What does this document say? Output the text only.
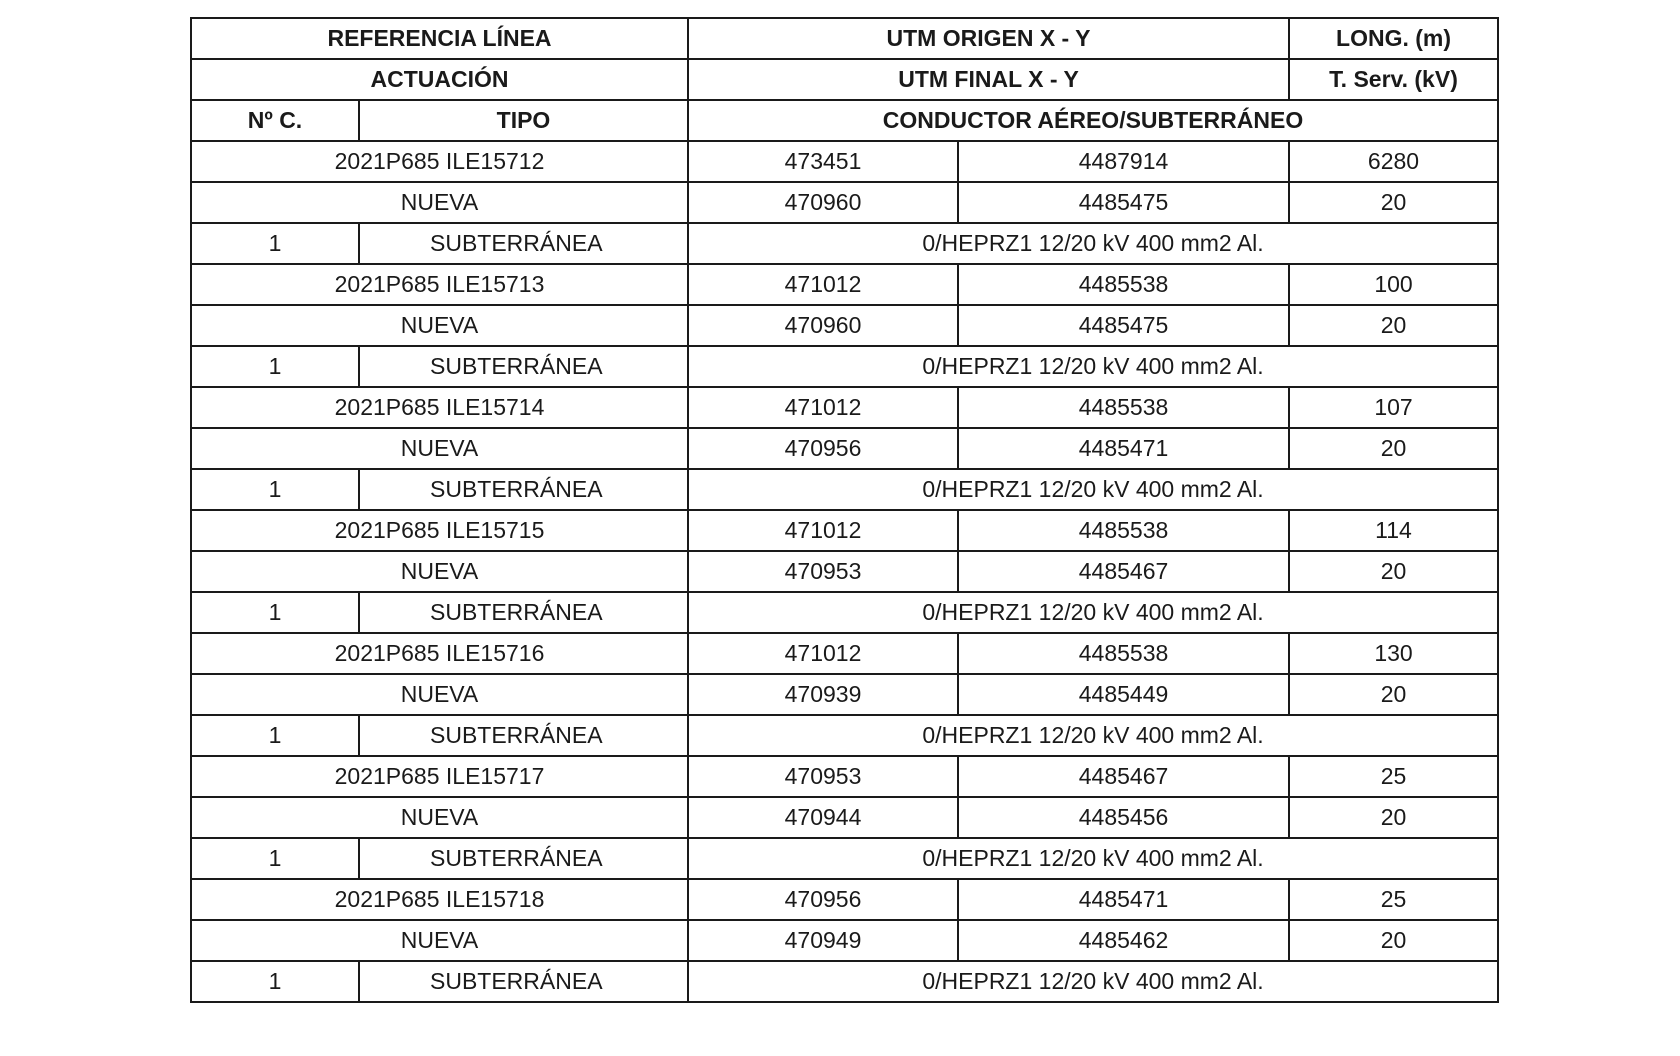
REFERENCIA LÍNEA		UTM ORIGEN X - Y		LONG. (m)
ACTUACIÓN		UTM FINAL X - Y		T. Serv. (kV)
Nº C.	TIPO	CONDUCTOR AÉREO/SUBTERRÁNEO		
2021P685 ILE15712		473451	4487914	6280
NUEVA		470960	4485475	20
1	SUBTERRÁNEA	0/HEPRZ1 12/20 kV 400 mm2 Al.		
2021P685 ILE15713		471012	4485538	100
NUEVA		470960	4485475	20
1	SUBTERRÁNEA	0/HEPRZ1 12/20 kV 400 mm2 Al.		
2021P685 ILE15714		471012	4485538	107
NUEVA		470956	4485471	20
1	SUBTERRÁNEA	0/HEPRZ1 12/20 kV 400 mm2 Al.		
2021P685 ILE15715		471012	4485538	114
NUEVA		470953	4485467	20
1	SUBTERRÁNEA	0/HEPRZ1 12/20 kV 400 mm2 Al.		
2021P685 ILE15716		471012	4485538	130
NUEVA		470939	4485449	20
1	SUBTERRÁNEA	0/HEPRZ1 12/20 kV 400 mm2 Al.		
2021P685 ILE15717		470953	4485467	25
NUEVA		470944	4485456	20
1	SUBTERRÁNEA	0/HEPRZ1 12/20 kV 400 mm2 Al.		
2021P685 ILE15718		470956	4485471	25
NUEVA		470949	4485462	20
1	SUBTERRÁNEA	0/HEPRZ1 12/20 kV 400 mm2 Al.		
